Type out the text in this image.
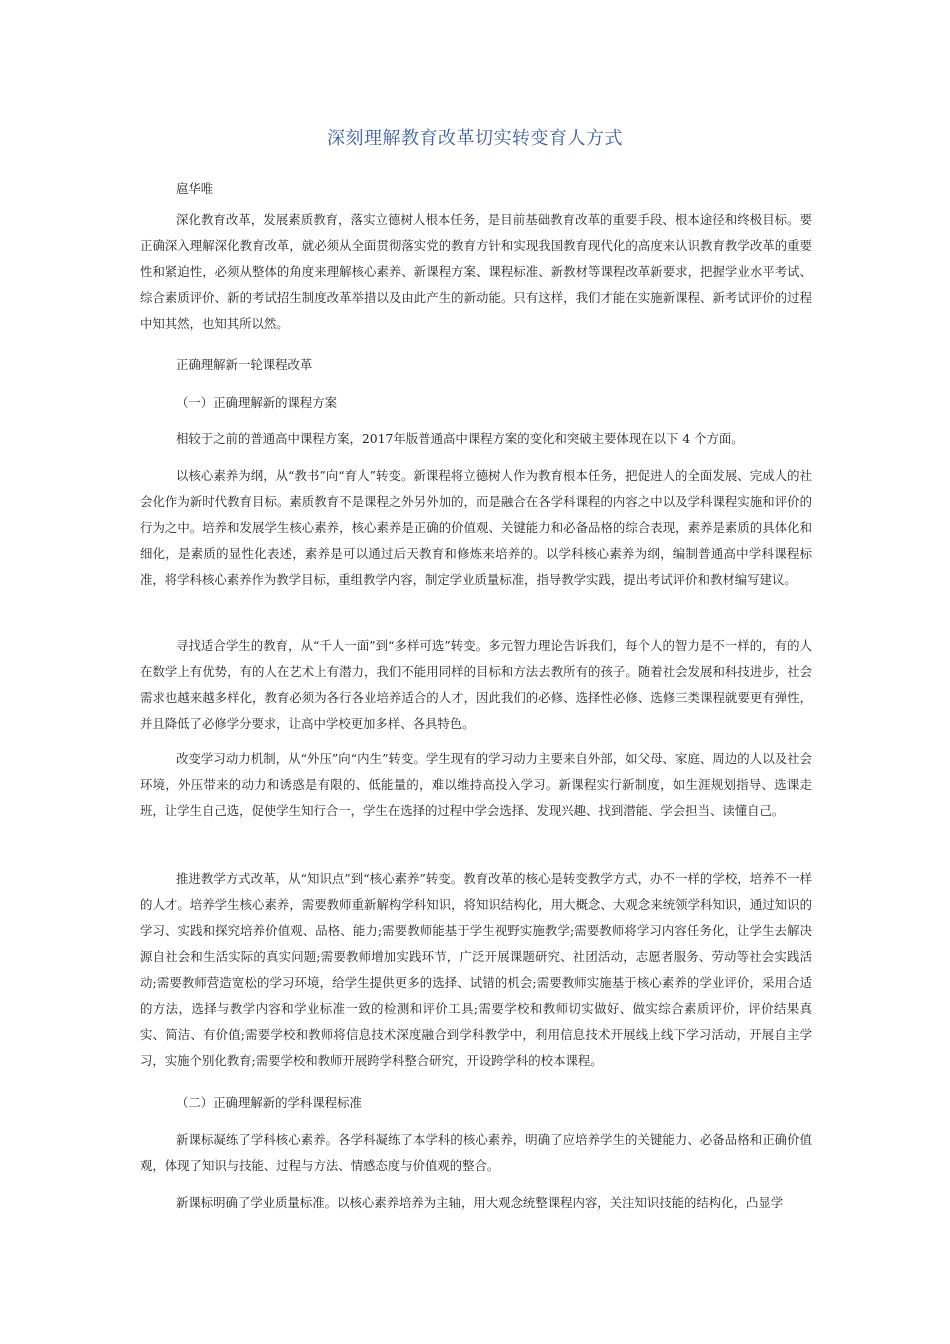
深刻理解教育改革切实转变育人方式

扈华唯

深化教育改革，发展素质教育，落实立德树人根本任务，是目前基础教育改革的重要手段、根本途径和终极目标。要正确深入理解深化教育改革，就必须从全面贯彻落实党的教育方针和实现我国教育现代化的高度来认识教育教学改革的重要性和紧迫性，必须从整体的角度来理解核心素养、新课程方案、课程标准、新教材等课程改革新要求，把握学业水平考试、综合素质评价、新的考试招生制度改革举措以及由此产生的新动能。只有这样，我们才能在实施新课程、新考试评价的过程中知其然，也知其所以然。

正确理解新一轮课程改革

（一）正确理解新的课程方案

相较于之前的普通高中课程方案，2017年版普通高中课程方案的变化和突破主要体现在以下 4 个方面。

以核心素养为纲，从“教书”向“育人”转变。新课程将立德树人作为教育根本任务，把促进人的全面发展、完成人的社会化作为新时代教育目标。素质教育不是课程之外另外加的，而是融合在各学科课程的内容之中以及学科课程实施和评价的行为之中。培养和发展学生核心素养，核心素养是正确的价值观、关键能力和必备品格的综合表现，素养是素质的具体化和细化，是素质的显性化表述，素养是可以通过后天教育和修炼来培养的。以学科核心素养为纲，编制普通高中学科课程标准，将学科核心素养作为教学目标，重组教学内容，制定学业质量标准，指导教学实践，提出考试评价和教材编写建议。

寻找适合学生的教育，从“千人一面”到“多样可选”转变。多元智力理论告诉我们，每个人的智力是不一样的，有的人在数学上有优势，有的人在艺术上有潜力，我们不能用同样的目标和方法去教所有的孩子。随着社会发展和科技进步，社会需求也越来越多样化，教育必须为各行各业培养适合的人才，因此我们的必修、选择性必修、选修三类课程就要更有弹性，并且降低了必修学分要求，让高中学校更加多样、各具特色。

改变学习动力机制，从“外压”向“内生”转变。学生现有的学习动力主要来自外部，如父母、家庭、周边的人以及社会环境，外压带来的动力和诱惑是有限的、低能量的，难以维持高投入学习。新课程实行新制度，如生涯规划指导、选课走班，让学生自己选，促使学生知行合一，学生在选择的过程中学会选择、发现兴趣、找到潜能、学会担当、读懂自己。

推进教学方式改革，从“知识点”到“核心素养”转变。教育改革的核心是转变教学方式，办不一样的学校，培养不一样的人才。培养学生核心素养，需要教师重新解构学科知识，将知识结构化，用大概念、大观念来统领学科知识，通过知识的学习、实践和探究培养价值观、品格、能力;需要教师能基于学生视野实施教学;需要教师将学习内容任务化，让学生去解决源自社会和生活实际的真实问题;需要教师增加实践环节，广泛开展课题研究、社团活动，志愿者服务、劳动等社会实践活动;需要教师营造宽松的学习环境，给学生提供更多的选择、试错的机会;需要教师实施基于核心素养的学业评价，采用合适的方法，选择与教学内容和学业标准一致的检测和评价工具;需要学校和教师切实做好、做实综合素质评价，评价结果真实、简洁、有价值;需要学校和教师将信息技术深度融合到学科教学中，利用信息技术开展线上线下学习活动，开展自主学习，实施个别化教育;需要学校和教师开展跨学科整合研究，开设跨学科的校本课程。

（二）正确理解新的学科课程标准

新课标凝练了学科核心素养。各学科凝练了本学科的核心素养，明确了应培养学生的关键能力、必备品格和正确价值观，体现了知识与技能、过程与方法、情感态度与价值观的整合。

新课标明确了学业质量标准。以核心素养培养为主轴，用大观念统整课程内容，关注知识技能的结构化，凸显学
